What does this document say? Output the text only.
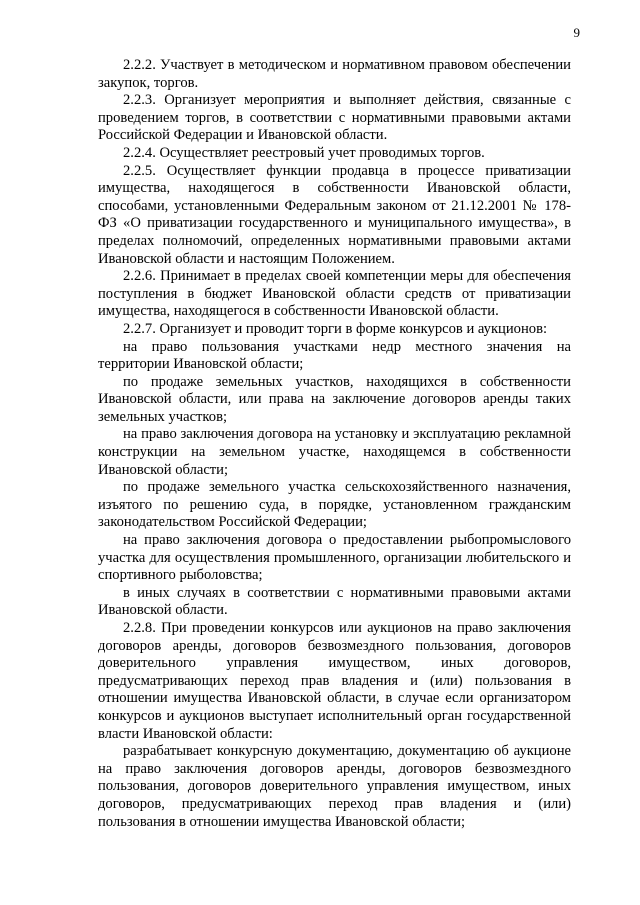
9

2.2.2. Участвует в методическом и нормативном правовом обеспечении закупок, торгов.

2.2.3. Организует мероприятия и выполняет действия, связанные с проведением торгов, в соответствии с нормативными правовыми актами Российской Федерации и Ивановской области.

2.2.4. Осуществляет реестровый учет проводимых торгов.

2.2.5. Осуществляет функции продавца в процессе приватизации имущества, находящегося в собственности Ивановской области, способами, установленными Федеральным законом от 21.12.2001 № 178-ФЗ «О приватизации государственного и муниципального имущества», в пределах полномочий, определенных нормативными правовыми актами Ивановской области и настоящим Положением.

2.2.6. Принимает в пределах своей компетенции меры для обеспечения поступления в бюджет Ивановской области средств от приватизации имущества, находящегося в собственности Ивановской области.

2.2.7. Организует и проводит торги в форме конкурсов и аукционов:

на право пользования участками недр местного значения на территории Ивановской области;

по продаже земельных участков, находящихся в собственности Ивановской области, или права на заключение договоров аренды таких земельных участков;

на право заключения договора на установку и эксплуатацию рекламной конструкции на земельном участке, находящемся в собственности Ивановской области;

по продаже земельного участка сельскохозяйственного назначения, изъятого по решению суда, в порядке, установленном гражданским законодательством Российской Федерации;

на право заключения договора о предоставлении рыбопромыслового участка для осуществления промышленного, организации любительского и спортивного рыболовства;

в иных случаях в соответствии с нормативными правовыми актами Ивановской области.

2.2.8. При проведении конкурсов или аукционов на право заключения договоров аренды, договоров безвозмездного пользования, договоров доверительного управления имуществом, иных договоров, предусматривающих переход прав владения и (или) пользования в отношении имущества Ивановской области, в случае если организатором конкурсов и аукционов выступает исполнительный орган государственной власти Ивановской области:

разрабатывает конкурсную документацию, документацию об аукционе на право заключения договоров аренды, договоров безвозмездного пользования, договоров доверительного управления имуществом, иных договоров, предусматривающих переход прав владения и (или) пользования в отношении имущества Ивановской области;
